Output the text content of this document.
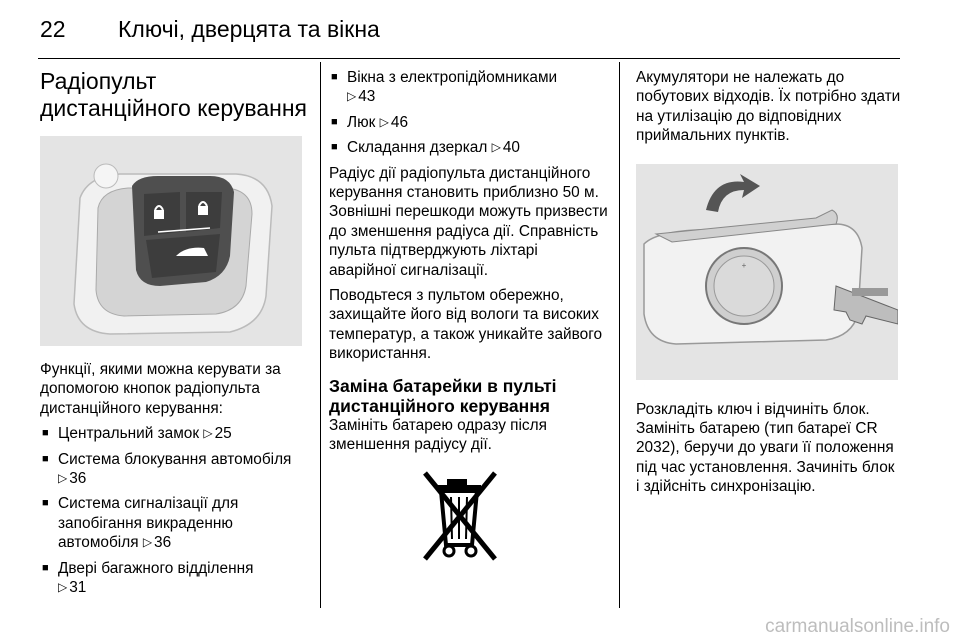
22 Ключі, дверцята та вікна
Радіопульт
дистанційного керування

Функції, якими можна керувати за допомогою кнопок радіопульта дистанційного керування:

■ Центральний замок ▷ 25
■ Система блокування автомобіля
▷ 36
■ Система сигналізації для запобігання викраденню автомобіля ▷ 36
■ Двері багажного відділення
▷ 31
■ Вікна з електропідйомниками
▷ 43
■ Люк ▷ 46
■ Складання дзеркал ▷ 40

Радіус дії радіопульта дистанційного керування становить приблизно 50 м. Зовнішні перешкоди можуть призвести до зменшення радіуса дії. Справність пульта підтверджують ліхтарі аварійної сигналізації.

Поводьтеся з пультом обережно, захищайте його від вологи та високих температур, а також уникайте зайвого використання.

Заміна батарейки в пульті
дистанційного керування

Замініть батарею одразу після зменшення радіусу дії.

Акумулятори не належать до побутових відходів. Їх потрібно здати на утилізацію до відповідних приймальних пунктів.

+

Розкладіть ключ і відчиніть блок. Замініть батарею (тип батареї CR 2032), беручи до уваги її положення під час установлення. Зачиніть блок і здійсніть синхронізацію.

carmanualsonline.info
